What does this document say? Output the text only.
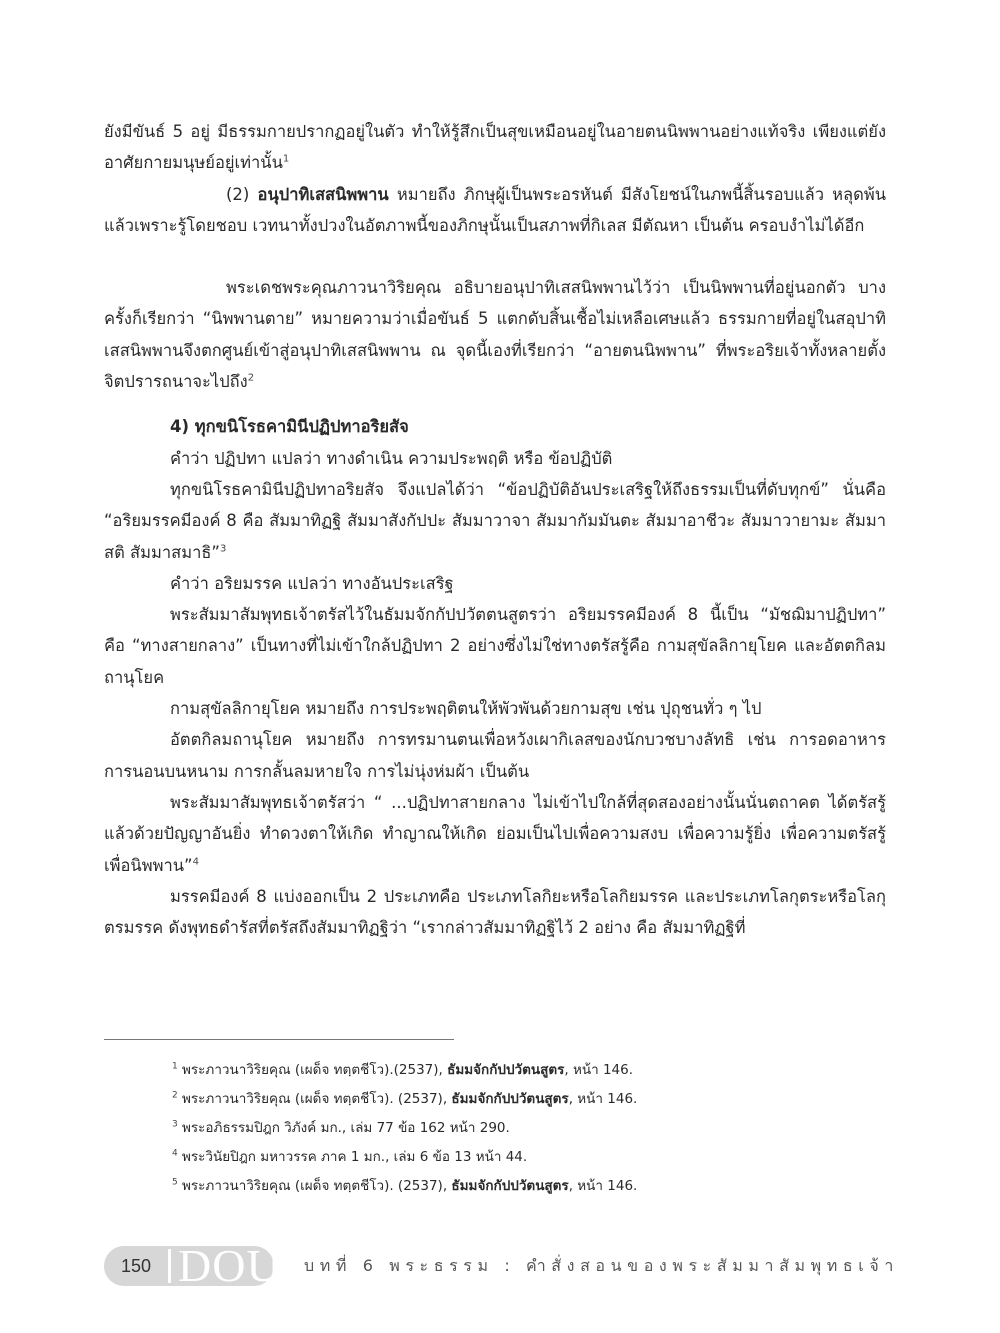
ยังมีขันธ์ 5 อยู่ มีธรรมกายปรากฏอยู่ในตัว ทำให้รู้สึกเป็นสุขเหมือนอยู่ในอายตนนิพพานอย่างแท้จริง เพียงแต่ยังอาศัยกายมนุษย์อยู่เท่านั้น$^1$

(2) อนุปาทิเสสนิพพาน หมายถึง ภิกษุผู้เป็นพระอรหันต์ มีสังโยชน์ในภพนี้สิ้นรอบแล้ว หลุดพ้นแล้วเพราะรู้โดยชอบ เวทนาทั้งปวงในอัตภาพนี้ของภิกษุนั้นเป็นสภาพที่กิเลส มีตัณหา เป็นต้น ครอบงำไม่ได้อีก

พระเดชพระคุณภาวนาวิริยคุณ อธิบายอนุปาทิเสสนิพพานไว้ว่า เป็นนิพพานที่อยู่นอกตัว บางครั้งก็เรียกว่า “นิพพานตาย” หมายความว่าเมื่อขันธ์ 5 แตกดับสิ้นเชื้อไม่เหลือเศษแล้ว ธรรมกายที่อยู่ในสอุปาทิเสสนิพพานจึงตกศูนย์เข้าสู่อนุปาทิเสสนิพพาน ณ จุดนี้เองที่เรียกว่า “อายตนนิพพาน” ที่พระอริยเจ้าทั้งหลายตั้งจิตปรารถนาจะไปถึง$^2$

4) ทุกขนิโรธคามินีปฏิปทาอริยสัจ

คำว่า ปฏิปทา แปลว่า ทางดำเนิน ความประพฤติ หรือ ข้อปฏิบัติ

ทุกขนิโรธคามินีปฏิปทาอริยสัจ จึงแปลได้ว่า “ข้อปฏิบัติอันประเสริฐให้ถึงธรรมเป็นที่ดับทุกข์” นั่นคือ “อริยมรรคมีองค์ 8 คือ สัมมาทิฏฐิ สัมมาสังกัปปะ สัมมาวาจา สัมมากัมมันตะ สัมมาอาชีวะ สัมมาวายามะ สัมมาสติ สัมมาสมาธิ”$^3$

คำว่า อริยมรรค แปลว่า ทางอันประเสริฐ

พระสัมมาสัมพุทธเจ้าตรัสไว้ในธัมมจักกัปปวัตตนสูตรว่า อริยมรรคมีองค์ 8 นี้เป็น “มัชฌิมาปฏิปทา” คือ “ทางสายกลาง” เป็นทางที่ไม่เข้าใกล้ปฏิปทา 2 อย่างซึ่งไม่ใช่ทางตรัสรู้คือ กามสุขัลลิกายุโยค และอัตตกิลมถานุโยค

กามสุขัลลิกายุโยค หมายถึง การประพฤติตนให้พัวพันด้วยกามสุข เช่น ปุถุชนทั่ว ๆ ไป

อัตตกิลมถานุโยค หมายถึง การทรมานตนเพื่อหวังเผากิเลสของนักบวชบางลัทธิ เช่น การอดอาหาร การนอนบนหนาม การกลั้นลมหายใจ การไม่นุ่งห่มผ้า เป็นต้น

พระสัมมาสัมพุทธเจ้าตรัสว่า “ ...ปฏิปทาสายกลาง ไม่เข้าไปใกล้ที่สุดสองอย่างนั้นนั่นตถาคต ได้ตรัสรู้แล้วด้วยปัญญาอันยิ่ง ทำดวงตาให้เกิด ทำญาณให้เกิด ย่อมเป็นไปเพื่อความสงบ เพื่อความรู้ยิ่ง เพื่อความตรัสรู้ เพื่อนิพพาน”$^4$

มรรคมีองค์ 8 แบ่งออกเป็น 2 ประเภทคือ ประเภทโลกิยะหรือโลกิยมรรค และประเภทโลกุตระหรือโลกุตรมรรค ดังพุทธดำรัสที่ตรัสถึงสัมมาทิฏฐิว่า “เรากล่าวสัมมาทิฏฐิไว้ 2 อย่าง คือ สัมมาทิฏฐิที่

$^1$ พระภาวนาวิริยคุณ (เผด็จ ทตฺตชีโว).(2537), ธัมมจักกัปปวัตนสูตร, หน้า 146.
$^2$ พระภาวนาวิริยคุณ (เผด็จ ทตฺตชีโว). (2537), ธัมมจักกัปปวัตนสูตร, หน้า 146.
$^3$ พระอภิธรรมปิฎก วิภังค์ มก., เล่ม 77 ข้อ 162 หน้า 290.
$^4$ พระวินัยปิฎก มหาวรรค ภาค 1 มก., เล่ม 6 ข้อ 13 หน้า 44.
$^5$ พระภาวนาวิริยคุณ (เผด็จ ทตฺตชีโว). (2537), ธัมมจักกัปปวัตนสูตร, หน้า 146.
150 DOU บทที่ 6 พระธรรม : คำสั่งสอนของพระสัมมาสัมพุทธเจ้า
